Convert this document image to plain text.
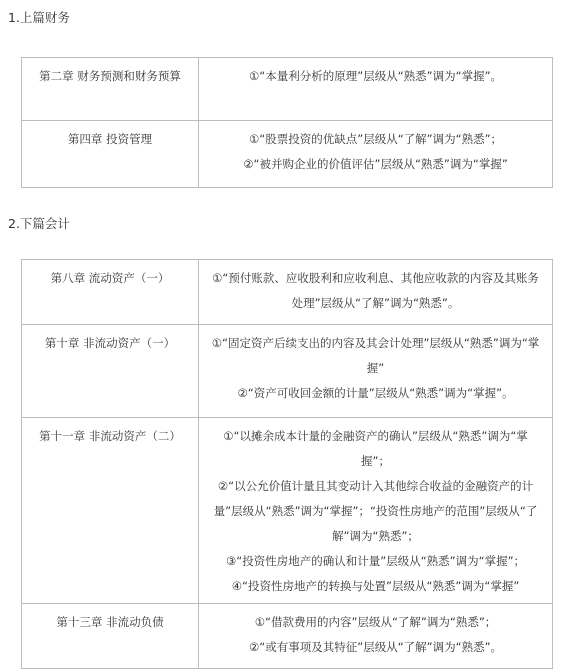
1.上篇财务
第二章 财务预测和财务预算	①“本量利分析的原理”层级从“熟悉”调为“掌握”。

第四章 投资管理	①“股票投资的优缺点”层级从“了解”调为“熟悉”；
②“被并购企业的价值评估”层级从“熟悉”调为“掌握”
2.下篇会计
第八章 流动资产（一）	①“预付账款、应收股利和应收利息、其他应收款的内容及其账务处理”层级从“了解”调为“熟悉”。

第十章 非流动资产（一）	①“固定资产后续支出的内容及其会计处理”层级从“熟悉”调为“掌握”
②“资产可收回金额的计量”层级从“熟悉”调为“掌握”。

第十一章 非流动资产（二）	①“以摊余成本计量的金融资产的确认”层级从“熟悉”调为“掌握”；
②“以公允价值计量且其变动计入其他综合收益的金融资产的计量”层级从“熟悉”调为“掌握”；“投资性房地产的范围”层级从“了解”调为“熟悉”；
③“投资性房地产的确认和计量”层级从“熟悉”调为“掌握”；
④“投资性房地产的转换与处置”层级从“熟悉”调为“掌握”

第十三章 非流动负债	①“借款费用的内容”层级从“了解”调为“熟悉”；
②“或有事项及其特征”层级从“了解”调为“熟悉”。
